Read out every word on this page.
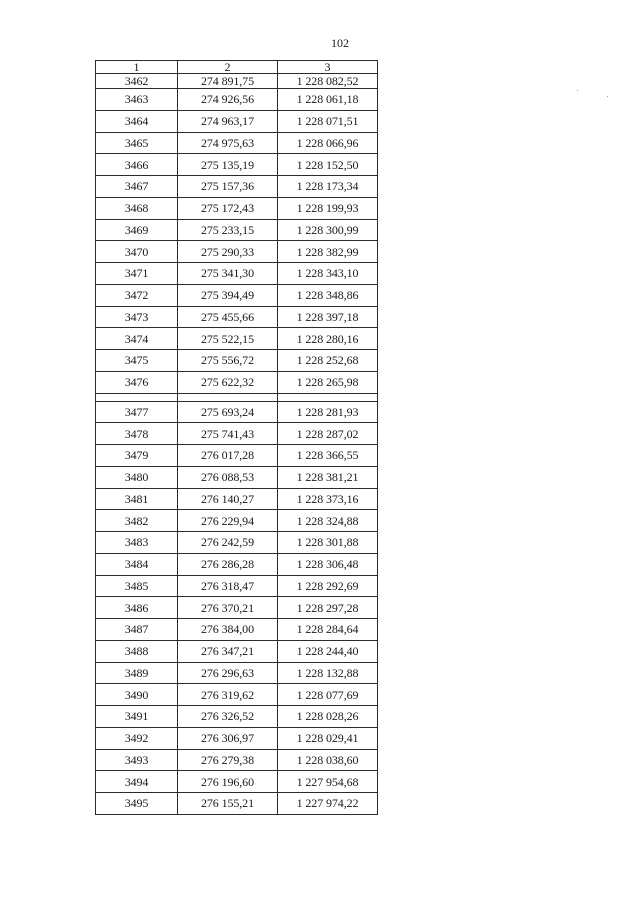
102
1	2	3
3462	274 891,75	1 228 082,52
3463	274 926,56	1 228 061,18
3464	274 963,17	1 228 071,51
3465	274 975,63	1 228 066,96
3466	275 135,19	1 228 152,50
3467	275 157,36	1 228 173,34
3468	275 172,43	1 228 199,93
3469	275 233,15	1 228 300,99
3470	275 290,33	1 228 382,99
3471	275 341,30	1 228 343,10
3472	275 394,49	1 228 348,86
3473	275 455,66	1 228 397,18
3474	275 522,15	1 228 280,16
3475	275 556,72	1 228 252,68
3476	275 622,32	1 228 265,98

3477	275 693,24	1 228 281,93
3478	275 741,43	1 228 287,02
3479	276 017,28	1 228 366,55
3480	276 088,53	1 228 381,21
3481	276 140,27	1 228 373,16
3482	276 229,94	1 228 324,88
3483	276 242,59	1 228 301,88
3484	276 286,28	1 228 306,48
3485	276 318,47	1 228 292,69
3486	276 370,21	1 228 297,28
3487	276 384,00	1 228 284,64
3488	276 347,21	1 228 244,40
3489	276 296,63	1 228 132,88
3490	276 319,62	1 228 077,69
3491	276 326,52	1 228 028,26
3492	276 306,97	1 228 029,41
3493	276 279,38	1 228 038,60
3494	276 196,60	1 227 954,68
3495	276 155,21	1 227 974,22
